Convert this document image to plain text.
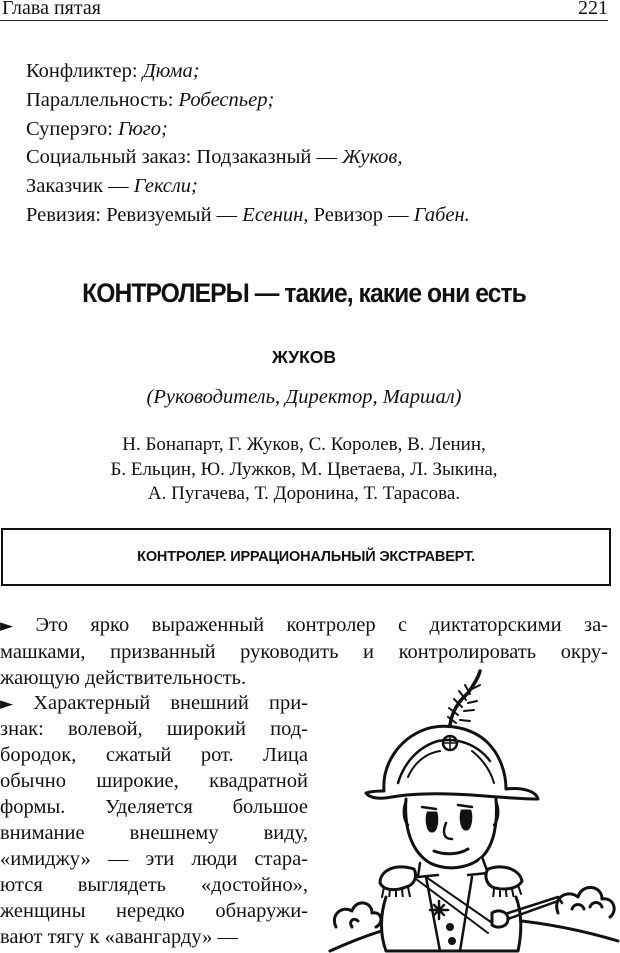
Глава пятая	221
Конфликтер: Дюма;
Параллельность: Робеспьер;
Суперэго: Гюго;
Социальный заказ: Подзаказный — Жуков,
Заказчик — Гексли;
Ревизия: Ревизуемый — Есенин, Ревизор — Габен.
КОНТРОЛЕРЫ — такие, какие они есть
ЖУКОВ
(Руководитель, Директор, Маршал)
Н. Бонапарт, Г. Жуков, С. Королев, В. Ленин,
Б. Ельцин, Ю. Лужков, М. Цветаева, Л. Зыкина,
А. Пугачева, Т. Доронина, Т. Тарасова.
КОНТРОЛЕР. ИРРАЦИОНАЛЬНЫЙ ЭКСТРАВЕРТ.
► Это ярко выраженный контролер с диктаторскими за-
машками, призванный руководить и контролировать окру-
жающую действительность.
► Характерный внешний при-
знак: волевой, широкий под-
бородок, сжатый рот. Лица
обычно широкие, квадратной
формы. Уделяется большое
внимание внешнему виду,
«имиджу» — эти люди стара-
ются выглядеть «достойно»,
женщины нередко обнаружи-
вают тягу к «авангарду» —
